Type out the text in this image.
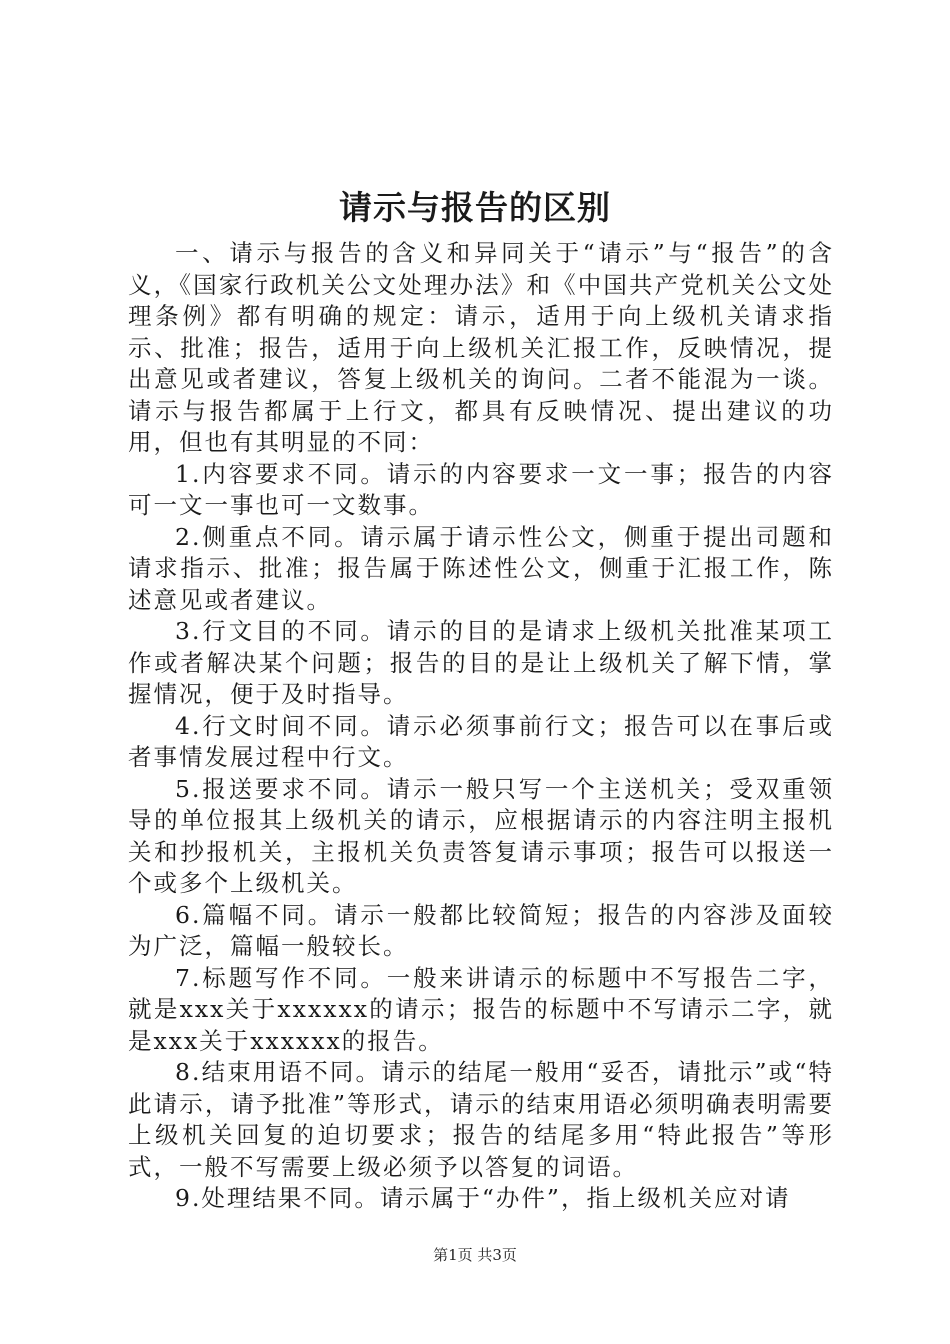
请示与报告的区别

一、请示与报告的含义和异同关于“请示”与“报告”的含义，《国家行政机关公文处理办法》和《中国共产党机关公文处理条例》都有明确的规定：请示，适用于向上级机关请求指示、批准；报告，适用于向上级机关汇报工作，反映情况，提出意见或者建议，答复上级机关的询问。二者不能混为一谈。请示与报告都属于上行文，都具有反映情况、提出建议的功用，但也有其明显的不同：

1.内容要求不同。请示的内容要求一文一事；报告的内容可一文一事也可一文数事。

2.侧重点不同。请示属于请示性公文，侧重于提出司题和请求指示、批准；报告属于陈述性公文，侧重于汇报工作，陈述意见或者建议。

3.行文目的不同。请示的目的是请求上级机关批准某项工作或者解决某个问题；报告的目的是让上级机关了解下情，掌握情况，便于及时指导。

4.行文时间不同。请示必须事前行文；报告可以在事后或者事情发展过程中行文。

5.报送要求不同。请示一般只写一个主送机关；受双重领导的单位报其上级机关的请示，应根据请示的内容注明主报机关和抄报机关，主报机关负责答复请示事项；报告可以报送一个或多个上级机关。

6.篇幅不同。请示一般都比较简短；报告的内容涉及面较为广泛，篇幅一般较长。

7.标题写作不同。一般来讲请示的标题中不写报告二字，就是xxx关于xxxxxx的请示；报告的标题中不写请示二字，就是xxx关于xxxxxx的报告。

8.结束用语不同。请示的结尾一般用“妥否，请批示”或“特此请示，请予批准”等形式，请示的结束用语必须明确表明需要上级机关回复的迫切要求；报告的结尾多用“特此报告”等形式，一般不写需要上级必须予以答复的词语。

9.处理结果不同。请示属于“办件”，指上级机关应对请

第1页 共3页
